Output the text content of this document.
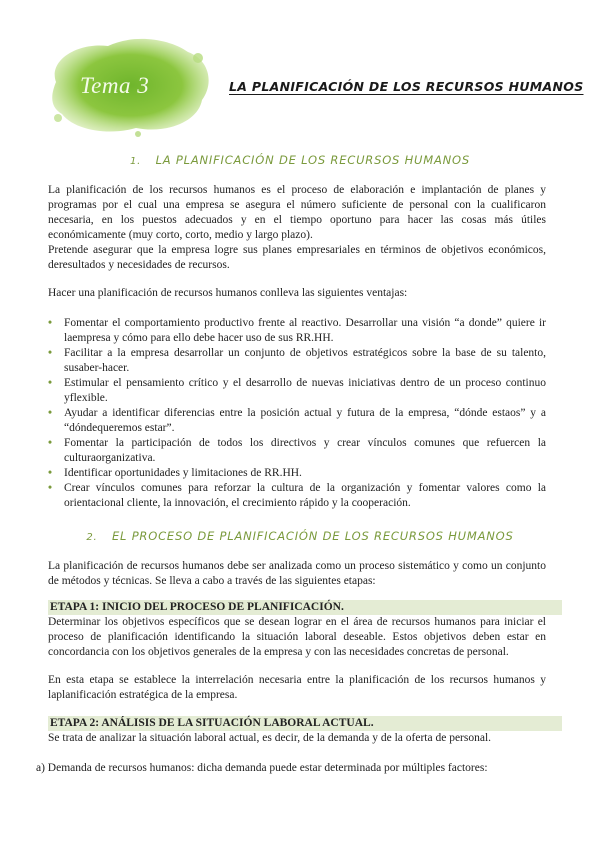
Tema 3	LA PLANIFICACIÓN DE LOS RECURSOS HUMANOS
1. LA PLANIFICACIÓN DE LOS RECURSOS HUMANOS

La planificación de los recursos humanos es el proceso de elaboración e implantación de planes y programas por el cual una empresa se asegura el número suficiente de personal con la cualificaron necesaria, en los puestos adecuados y en el tiempo oportuno para hacer las cosas más útiles económicamente (muy corto, corto, medio y largo plazo).

Pretende asegurar que la empresa logre sus planes empresariales en términos de objetivos económicos, deresultados y necesidades de recursos.

Hacer una planificación de recursos humanos conlleva las siguientes ventajas:

• Fomentar el comportamiento productivo frente al reactivo. Desarrollar una visión “a donde” quiere ir laempresa y cómo para ello debe hacer uso de sus RR.HH.
• Facilitar a la empresa desarrollar un conjunto de objetivos estratégicos sobre la base de su talento, susaber-hacer.
• Estimular el pensamiento crítico y el desarrollo de nuevas iniciativas dentro de un proceso continuo yflexible.
• Ayudar a identificar diferencias entre la posición actual y futura de la empresa, “dónde estaos” y a “dóndequeremos estar”.
• Fomentar la participación de todos los directivos y crear vínculos comunes que refuercen la culturaorganizativa.
• Identificar oportunidades y limitaciones de RR.HH.
• Crear vínculos comunes para reforzar la cultura de la organización y fomentar valores como la orientacional cliente, la innovación, el crecimiento rápido y la cooperación.
2. EL PROCESO DE PLANIFICACIÓN DE LOS RECURSOS HUMANOS

La planificación de recursos humanos debe ser analizada como un proceso sistemático y como un conjunto de métodos y técnicas. Se lleva a cabo a través de las siguientes etapas:

ETAPA 1: INICIO DEL PROCESO DE PLANIFICACIÓN.

Determinar los objetivos específicos que se desean lograr en el área de recursos humanos para iniciar el proceso de planificación identificando la situación laboral deseable. Estos objetivos deben estar en concordancia con los objetivos generales de la empresa y con las necesidades concretas de personal.

En esta etapa se establece la interrelación necesaria entre la planificación de los recursos humanos y laplanificación estratégica de la empresa.

ETAPA 2: ANÁLISIS DE LA SITUACIÓN LABORAL ACTUAL.

Se trata de analizar la situación laboral actual, es decir, de la demanda y de la oferta de personal.

a) Demanda de recursos humanos: dicha demanda puede estar determinada por múltiples factores:
